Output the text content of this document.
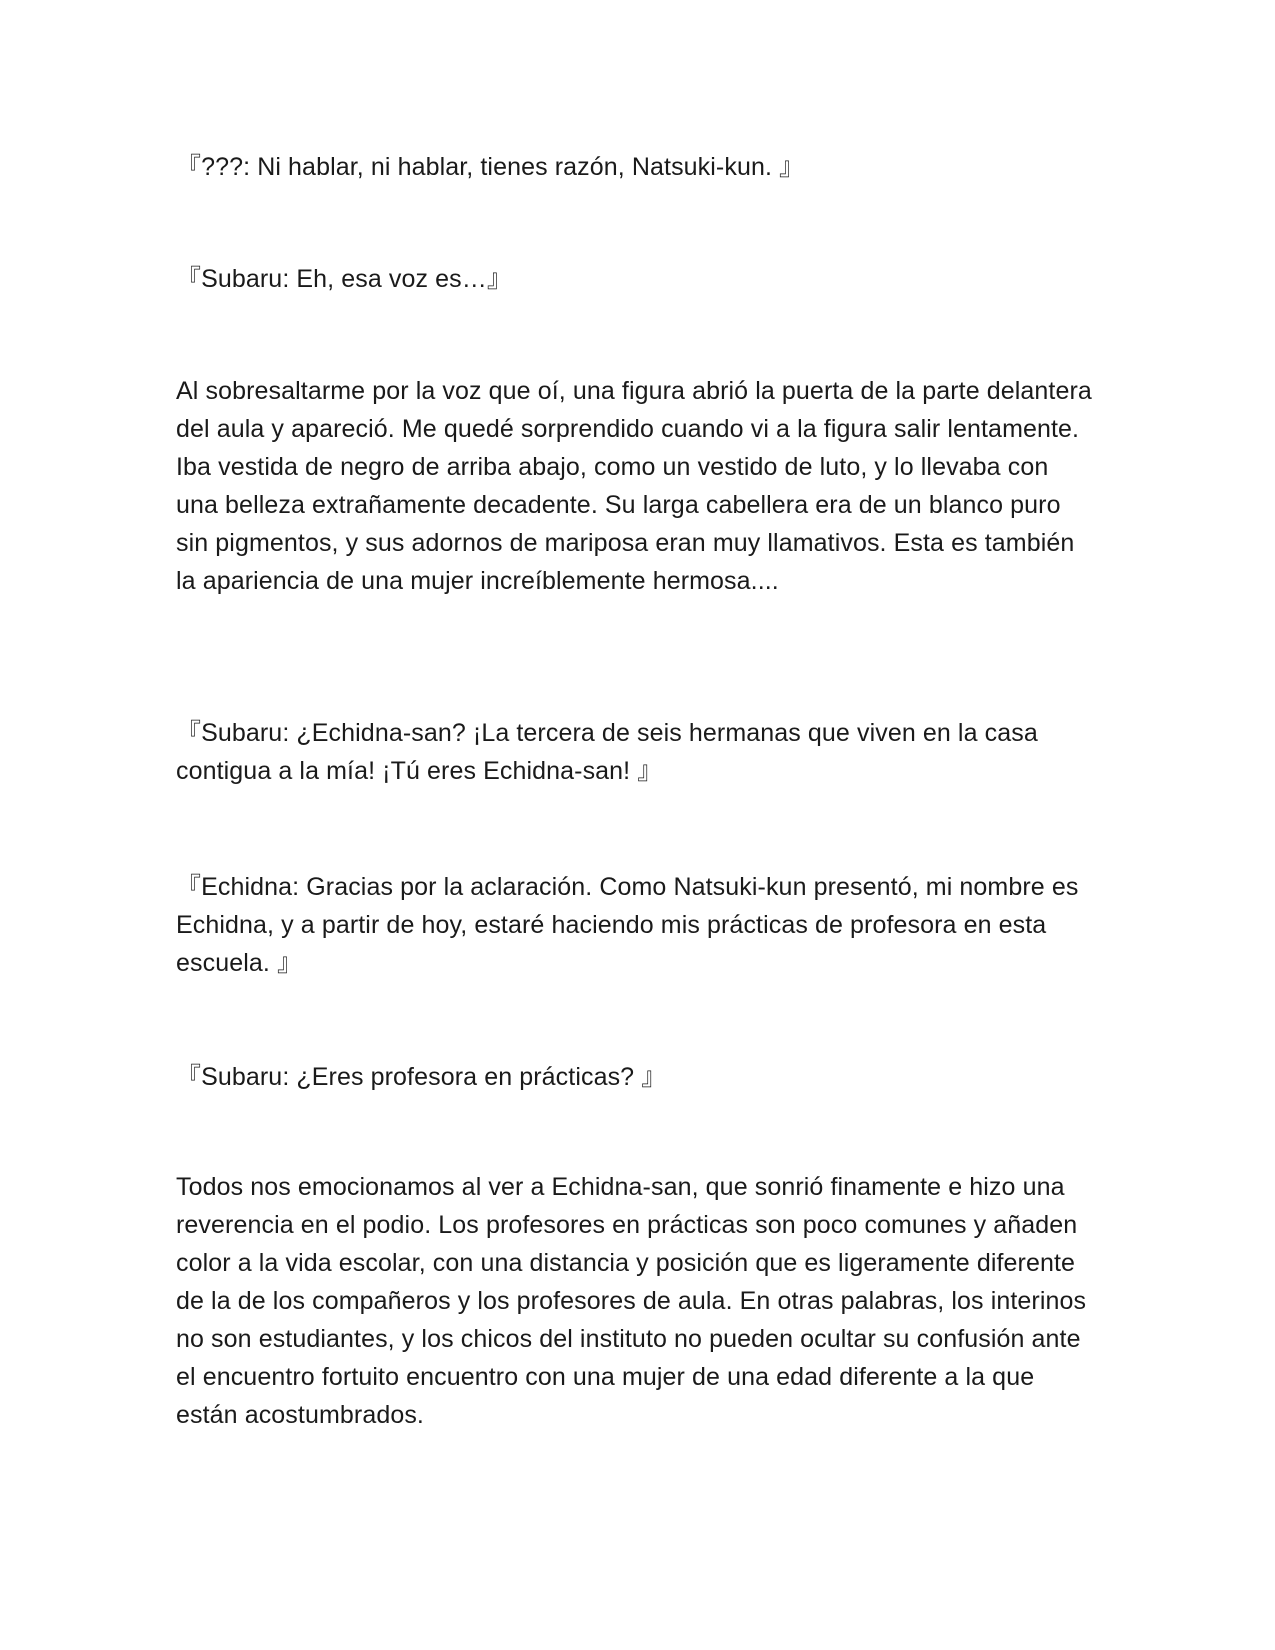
『???: Ni hablar, ni hablar, tienes razón, Natsuki-kun. 』

『Subaru: Eh, esa voz es…』

Al sobresaltarme por la voz que oí, una figura abrió la puerta de la parte delantera del aula y apareció. Me quedé sorprendido cuando vi a la figura salir lentamente. Iba vestida de negro de arriba abajo, como un vestido de luto, y lo llevaba con una belleza extrañamente decadente. Su larga cabellera era de un blanco puro sin pigmentos, y sus adornos de mariposa eran muy llamativos. Esta es también la apariencia de una mujer increíblemente hermosa....

『Subaru: ¿Echidna-san? ¡La tercera de seis hermanas que viven en la casa contigua a la mía! ¡Tú eres Echidna-san! 』

『Echidna: Gracias por la aclaración. Como Natsuki-kun presentó, mi nombre es Echidna, y a partir de hoy, estaré haciendo mis prácticas de profesora en esta escuela. 』

『Subaru: ¿Eres profesora en prácticas? 』

Todos nos emocionamos al ver a Echidna-san, que sonrió finamente e hizo una reverencia en el podio. Los profesores en prácticas son poco comunes y añaden color a la vida escolar, con una distancia y posición que es ligeramente diferente de la de los compañeros y los profesores de aula. En otras palabras, los interinos no son estudiantes, y los chicos del instituto no pueden ocultar su confusión ante el encuentro fortuito encuentro con una mujer de una edad diferente a la que están acostumbrados.
